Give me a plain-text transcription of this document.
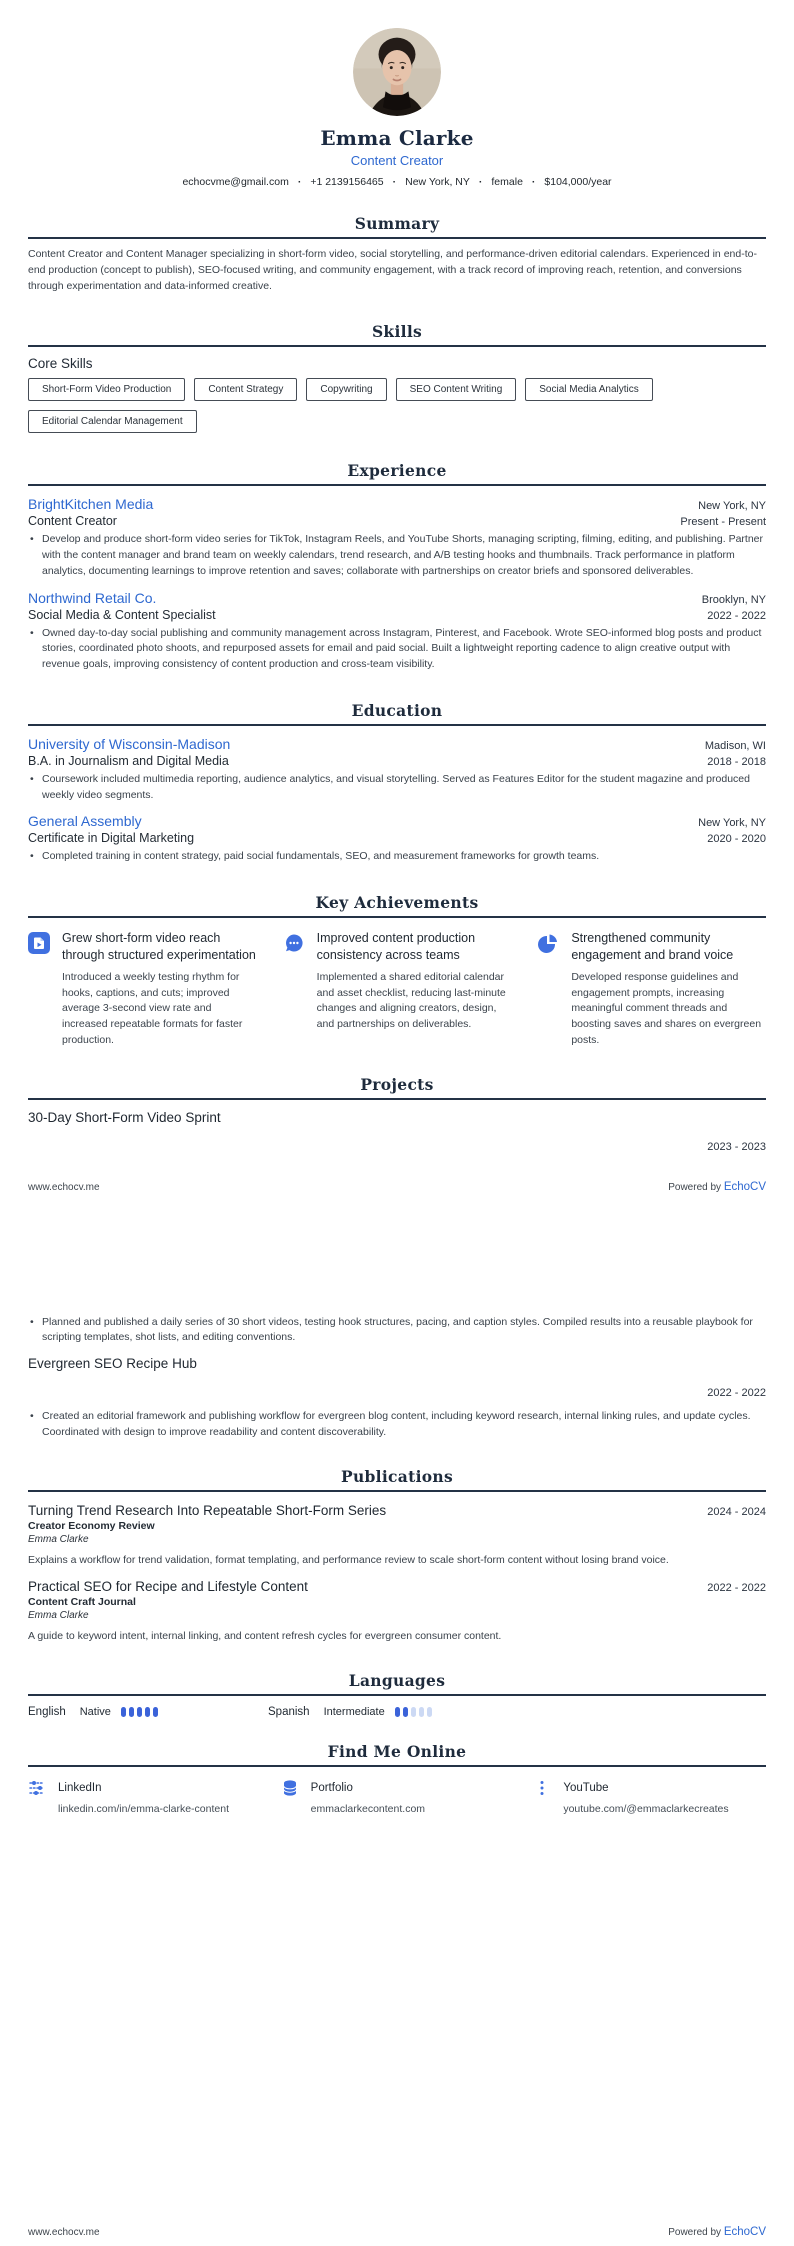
Emma Clarke
Content Creator
echocvme@gmail.com · +1 2139156465 · New York, NY · female · $104,000/year
Summary
Content Creator and Content Manager specializing in short-form video, social storytelling, and performance-driven editorial calendars. Experienced in end-to-end production (concept to publish), SEO-focused writing, and community engagement, with a track record of improving reach, retention, and conversions through experimentation and data-informed creative.
Skills
Core Skills
Short-Form Video Production	Content Strategy	Copywriting	SEO Content Writing	Social Media Analytics
Editorial Calendar Management
Experience
BrightKitchen Media	New York, NY
Content Creator	Present - Present
• Develop and produce short-form video series for TikTok, Instagram Reels, and YouTube Shorts, managing scripting, filming, editing, and publishing. Partner with the content manager and brand team on weekly calendars, trend research, and A/B testing hooks and thumbnails. Track performance in platform analytics, documenting learnings to improve retention and saves; collaborate with partnerships on creator briefs and sponsored deliverables.
Northwind Retail Co.	Brooklyn, NY
Social Media & Content Specialist	2022 - 2022
• Owned day-to-day social publishing and community management across Instagram, Pinterest, and Facebook. Wrote SEO-informed blog posts and product stories, coordinated photo shoots, and repurposed assets for email and paid social. Built a lightweight reporting cadence to align creative output with revenue goals, improving consistency of content production and cross-team visibility.
Education
University of Wisconsin-Madison	Madison, WI
B.A. in Journalism and Digital Media	2018 - 2018
• Coursework included multimedia reporting, audience analytics, and visual storytelling. Served as Features Editor for the student magazine and produced weekly video segments.
General Assembly	New York, NY
Certificate in Digital Marketing	2020 - 2020
• Completed training in content strategy, paid social fundamentals, SEO, and measurement frameworks for growth teams.
Key Achievements
Grew short-form video reach through structured experimentation
Introduced a weekly testing rhythm for hooks, captions, and cuts; improved average 3-second view rate and increased repeatable formats for faster production.
Improved content production consistency across teams
Implemented a shared editorial calendar and asset checklist, reducing last-minute changes and aligning creators, design, and partnerships on deliverables.
Strengthened community engagement and brand voice
Developed response guidelines and engagement prompts, increasing meaningful comment threads and boosting saves and shares on evergreen posts.
Projects
30-Day Short-Form Video Sprint
2023 - 2023
www.echocv.me	Powered by EchoCV
• Planned and published a daily series of 30 short videos, testing hook structures, pacing, and caption styles. Compiled results into a reusable playbook for scripting templates, shot lists, and editing conventions.
Evergreen SEO Recipe Hub
2022 - 2022
• Created an editorial framework and publishing workflow for evergreen blog content, including keyword research, internal linking rules, and update cycles. Coordinated with design to improve readability and content discoverability.
Publications
Turning Trend Research Into Repeatable Short-Form Series	2024 - 2024
Creator Economy Review
Emma Clarke
Explains a workflow for trend validation, format templating, and performance review to scale short-form content without losing brand voice.
Practical SEO for Recipe and Lifestyle Content	2022 - 2022
Content Craft Journal
Emma Clarke
A guide to keyword intent, internal linking, and content refresh cycles for evergreen consumer content.
Languages
English Native	Spanish Intermediate
Find Me Online
LinkedIn
linkedin.com/in/emma-clarke-content
Portfolio
emmaclarkecontent.com
YouTube
youtube.com/@emmaclarkecreates
www.echocv.me	Powered by EchoCV
